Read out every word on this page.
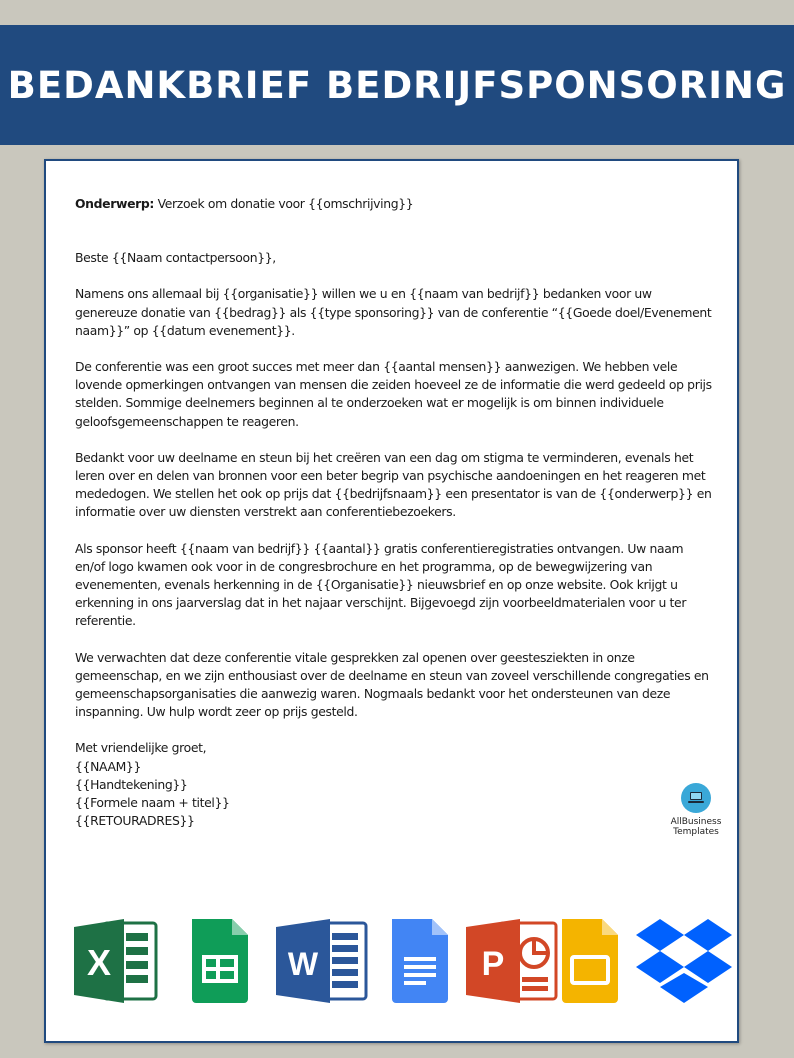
BEDANKBRIEF BEDRIJFSPONSORING

Onderwerp: Verzoek om donatie voor {{omschrijving}}

Beste {{Naam contactpersoon}},

Namens ons allemaal bij {{organisatie}} willen we u en {{naam van bedrijf}} bedanken voor uw genereuze donatie van {{bedrag}} als {{type sponsoring}} van de conferentie “{{Goede doel/Evenement naam}}” op {{datum evenement}}.

De conferentie was een groot succes met meer dan {{aantal mensen}} aanwezigen. We hebben vele lovende opmerkingen ontvangen van mensen die zeiden hoeveel ze de informatie die werd gedeeld op prijs stelden. Sommige deelnemers beginnen al te onderzoeken wat er mogelijk is om binnen individuele geloofsgemeenschappen te reageren.

Bedankt voor uw deelname en steun bij het creëren van een dag om stigma te verminderen, evenals het leren over en delen van bronnen voor een beter begrip van psychische aandoeningen en het reageren met mededogen. We stellen het ook op prijs dat {{bedrijfsnaam}} een presentator is van de {{onderwerp}} en informatie over uw diensten verstrekt aan conferentiebezoekers.

Als sponsor heeft {{naam van bedrijf}} {{aantal}} gratis conferentieregistraties ontvangen. Uw naam en/of logo kwamen ook voor in de congresbrochure en het programma, op de bewegwijzering van evenementen, evenals herkenning in de {{Organisatie}} nieuwsbrief en op onze website. Ook krijgt u erkenning in ons jaarverslag dat in het najaar verschijnt. Bijgevoegd zijn voorbeeldmaterialen voor u ter referentie.

We verwachten dat deze conferentie vitale gesprekken zal openen over geestesziekten in onze gemeenschap, en we zijn enthousiast over de deelname en steun van zoveel verschillende congregaties en gemeenschapsorganisaties die aanwezig waren. Nogmaals bedankt voor het ondersteunen van deze inspanning. Uw hulp wordt zeer op prijs gesteld.

Met vriendelijke groet,
{{NAAM}}
{{Handtekening}}
{{Formele naam + titel}}
{{RETOURADRES}}	AllBusiness
Templates
X	W	P
